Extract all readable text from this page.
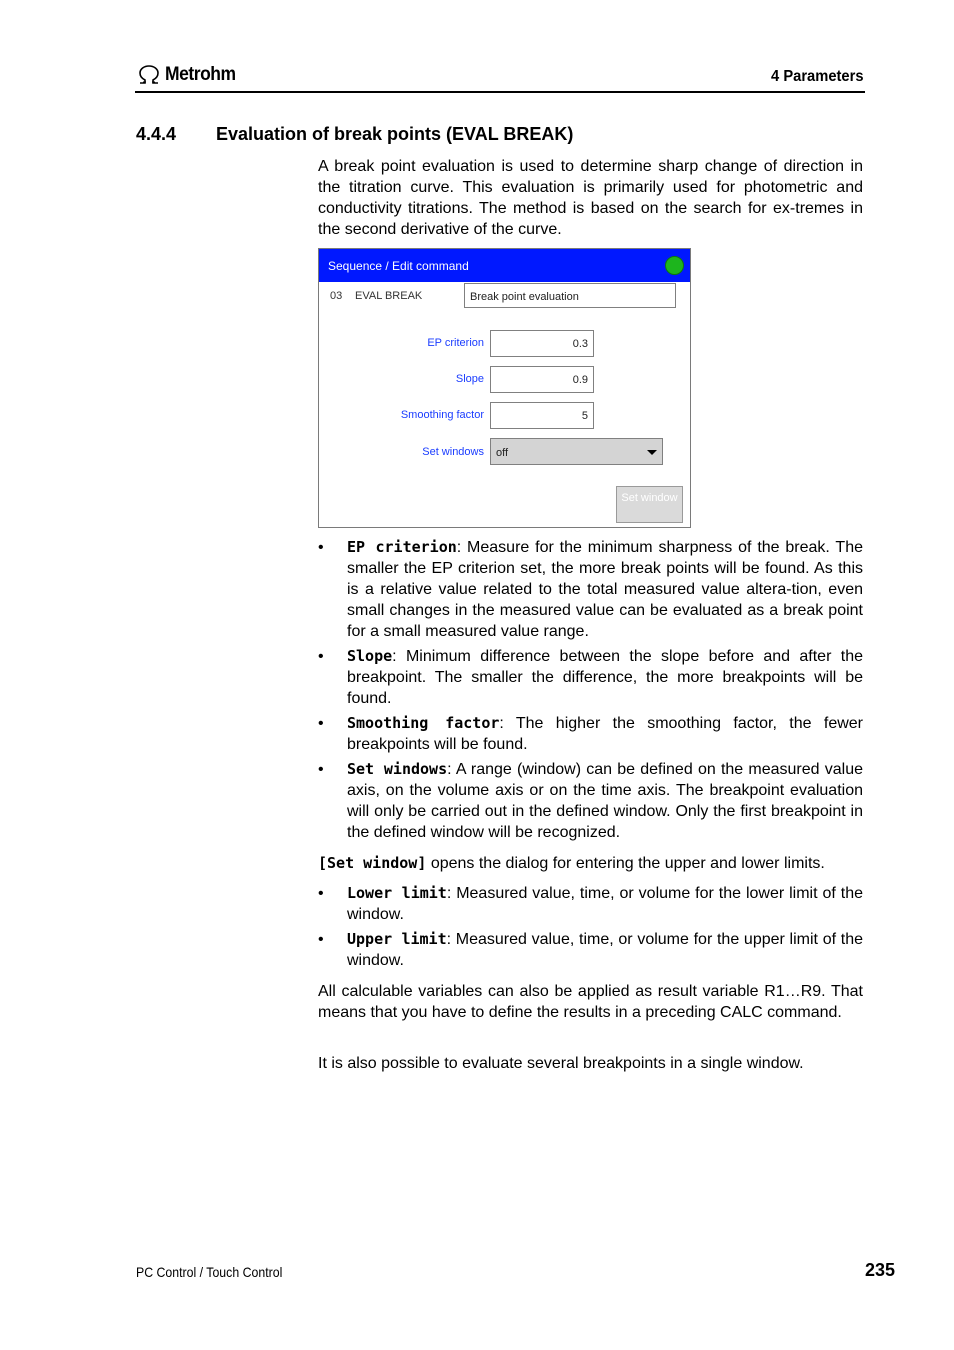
Metrohm	4 Parameters
4.4.4 Evaluation of break points (EVAL BREAK)
A break point evaluation is used to determine sharp change of direction in the titration curve. This evaluation is primarily used for photometric and conductivity titrations. The method is based on the search for ex-tremes in the second derivative of the curve.
Sequence / Edit command
03 EVAL BREAK	Break point evaluation
EP criterion	0.3
Slope	0.9
Smoothing factor	5
Set windows	off
Set window
• EP criterion: Measure for the minimum sharpness of the break. The smaller the EP criterion set, the more break points will be found. As this is a relative value related to the total measured value altera-tion, even small changes in the measured value can be evaluated as a break point for a small measured value range.
• Slope: Minimum difference between the slope before and after the breakpoint. The smaller the difference, the more breakpoints will be found.
• Smoothing factor: The higher the smoothing factor, the fewer breakpoints will be found.
• Set windows: A range (window) can be defined on the measured value axis, on the volume axis or on the time axis. The breakpoint evaluation will only be carried out in the defined window. Only the first breakpoint in the defined window will be recognized.
[Set window] opens the dialog for entering the upper and lower limits.
• Lower limit: Measured value, time, or volume for the lower limit of the window.
• Upper limit: Measured value, time, or volume for the upper limit of the window.
All calculable variables can also be applied as result variable R1…R9. That means that you have to define the results in a preceding CALC command.
It is also possible to evaluate several breakpoints in a single window.
PC Control / Touch Control	235
